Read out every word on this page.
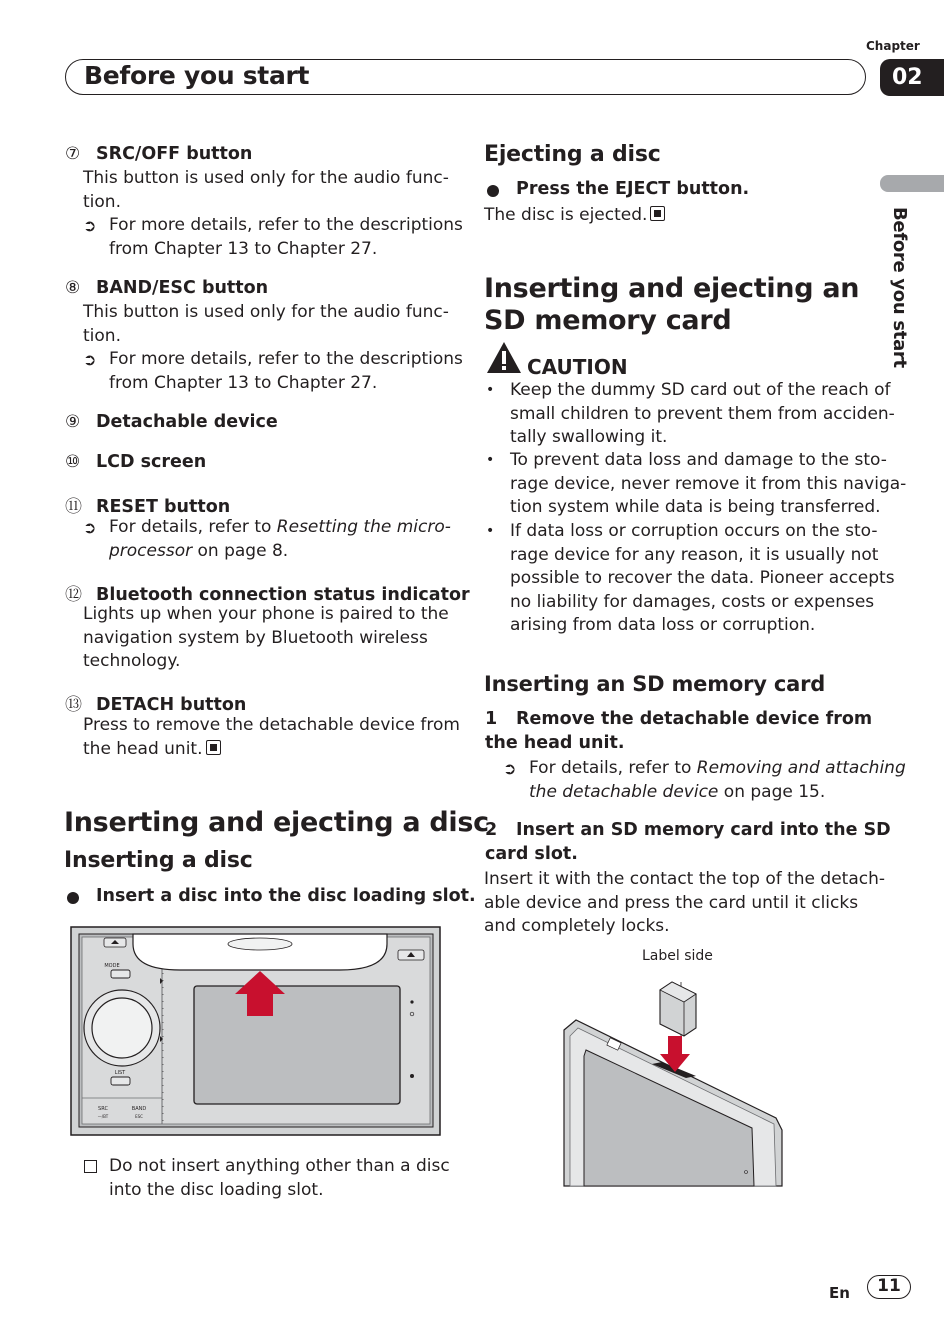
Before you start
Chapter
02
Before you start
⑦ SRC/OFF button
This button is used only for the audio func-
tion.
➲ For more details, refer to the descriptions
from Chapter 13 to Chapter 27.
⑧ BAND/ESC button
This button is used only for the audio func-
tion.
➲ For more details, refer to the descriptions
from Chapter 13 to Chapter 27.
⑨ Detachable device
⑩ LCD screen
⑪ RESET button
➲ For details, refer to Resetting the micro-
processor on page 8.
⑫ Bluetooth connection status indicator
Lights up when your phone is paired to the
navigation system by Bluetooth wireless
technology.
⑬ DETACH button
Press to remove the detachable device from
the head unit.
Inserting and ejecting a disc
Inserting a disc
Insert a disc into the disc loading slot.
MODE
LIST
SRC
—/BT
BAND
ESC
Do not insert anything other than a disc
into the disc loading slot.
Ejecting a disc
Press the EJECT button.
The disc is ejected.
Inserting and ejecting an
SD memory card
CAUTION
• Keep the dummy SD card out of the reach of
small children to prevent them from acciden-
tally swallowing it.
• To prevent data loss and damage to the sto-
rage device, never remove it from this naviga-
tion system while data is being transferred.
• If data loss or corruption occurs on the sto-
rage device for any reason, it is usually not
possible to recover the data. Pioneer accepts
no liability for damages, costs or expenses
arising from data loss or corruption.
Inserting an SD memory card
1 Remove the detachable device from
the head unit.
➲ For details, refer to Removing and attaching
the detachable device on page 15.
2 Insert an SD memory card into the SD
card slot.
Insert it with the contact the top of the detach-
able device and press the card until it clicks
and completely locks.
Label side
En	11
